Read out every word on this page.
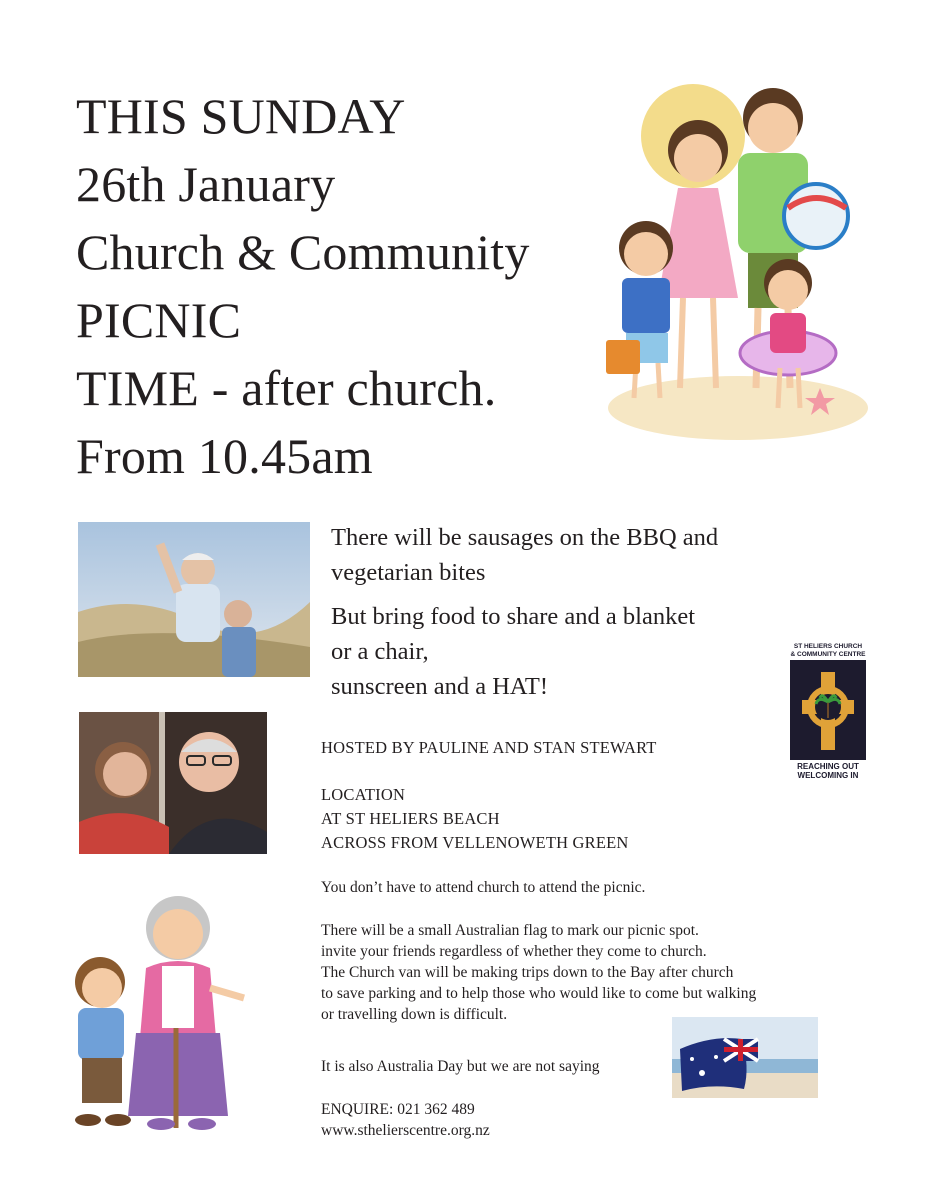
THIS SUNDAY
26th January
Church & Community
PICNIC
TIME - after church.
From 10.45am

There will be sausages on the BBQ and

vegetarian bites

But bring food to share and a blanket

or a chair,

sunscreen and a HAT!

ST HELIERS CHURCH
& COMMUNITY CENTRE
REACHING OUT
WELCOMING IN
HOSTED BY PAULINE AND STAN STEWART

LOCATION

AT ST HELIERS BEACH

ACROSS FROM VELLENOWETH GREEN

You don’t have to attend church to attend the picnic.

There will be a small Australian flag to mark our picnic spot.

invite your friends regardless of whether they come to church.

The Church van will be making trips down to the Bay after church

to save parking and to help those who would like to come but walking

or travelling down is difficult.

It is also Australia Day but we are not saying

ENQUIRE: 021 362 489

www.sthelierscentre.org.nz
